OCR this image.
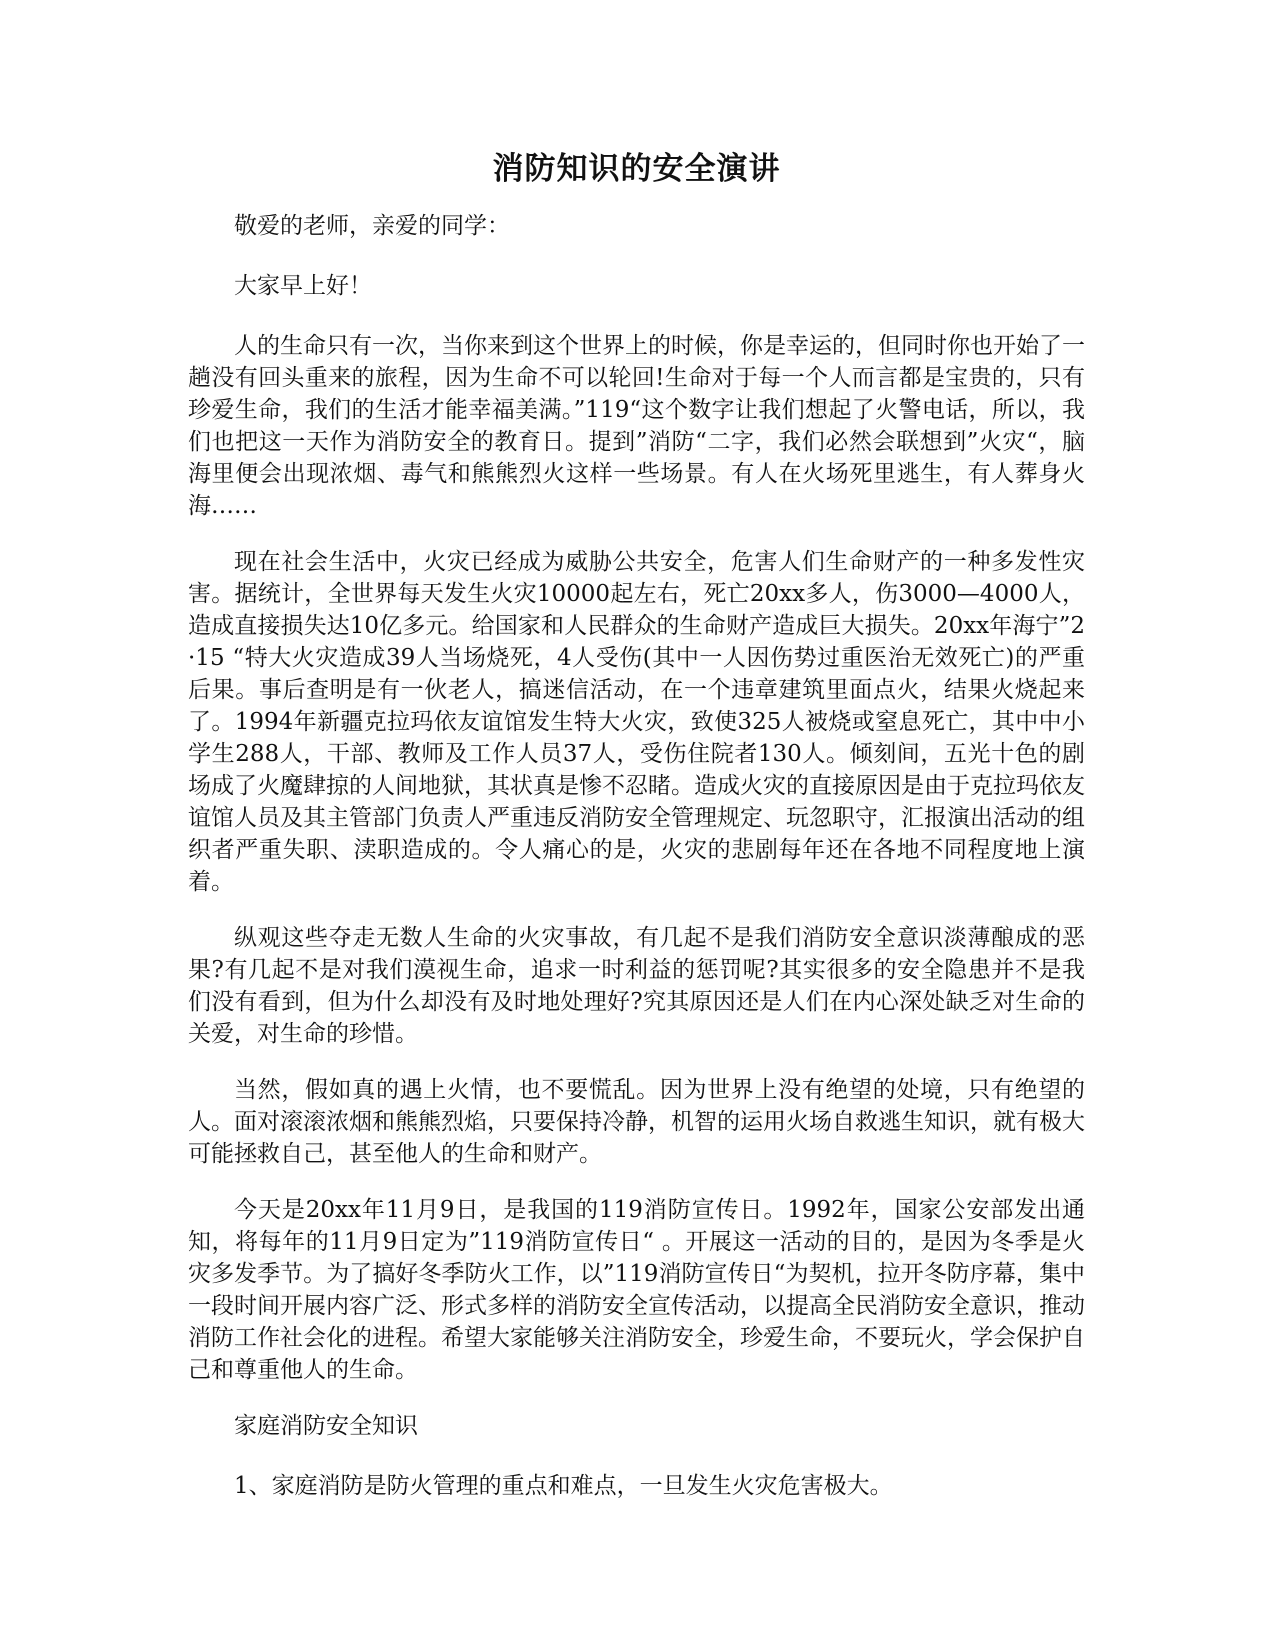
消防知识的安全演讲

敬爱的老师，亲爱的同学：

大家早上好！

人的生命只有一次，当你来到这个世界上的时候，你是幸运的，但同时你也开始了一趟没有回头重来的旅程，因为生命不可以轮回!生命对于每一个人而言都是宝贵的，只有珍爱生命，我们的生活才能幸福美满。”119“这个数字让我们想起了火警电话，所以，我们也把这一天作为消防安全的教育日。提到”消防“二字，我们必然会联想到”火灾“，脑海里便会出现浓烟、毒气和熊熊烈火这样一些场景。有人在火场死里逃生，有人葬身火海……

现在社会生活中，火灾已经成为威胁公共安全，危害人们生命财产的一种多发性灾害。据统计，全世界每天发生火灾10000起左右，死亡20xx多人，伤3000—4000人，造成直接损失达10亿多元。给国家和人民群众的生命财产造成巨大损失。20xx年海宁”2·15 “特大火灾造成39人当场烧死，4人受伤(其中一人因伤势过重医治无效死亡)的严重后果。事后查明是有一伙老人，搞迷信活动，在一个违章建筑里面点火，结果火烧起来了。1994年新疆克拉玛依友谊馆发生特大火灾，致使325人被烧或窒息死亡，其中中小学生288人，干部、教师及工作人员37人，受伤住院者130人。倾刻间，五光十色的剧场成了火魔肆掠的人间地狱，其状真是惨不忍睹。造成火灾的直接原因是由于克拉玛依友谊馆人员及其主管部门负责人严重违反消防安全管理规定、玩忽职守，汇报演出活动的组织者严重失职、渎职造成的。令人痛心的是，火灾的悲剧每年还在各地不同程度地上演着。

纵观这些夺走无数人生命的火灾事故，有几起不是我们消防安全意识淡薄酿成的恶果?有几起不是对我们漠视生命，追求一时利益的惩罚呢?其实很多的安全隐患并不是我们没有看到，但为什么却没有及时地处理好?究其原因还是人们在内心深处缺乏对生命的关爱，对生命的珍惜。

当然，假如真的遇上火情，也不要慌乱。因为世界上没有绝望的处境，只有绝望的人。面对滚滚浓烟和熊熊烈焰，只要保持冷静，机智的运用火场自救逃生知识，就有极大可能拯救自己，甚至他人的生命和财产。

今天是20xx年11月9日，是我国的119消防宣传日。1992年，国家公安部发出通知，将每年的11月9日定为”119消防宣传日“ 。开展这一活动的目的，是因为冬季是火灾多发季节。为了搞好冬季防火工作，以”119消防宣传日“为契机，拉开冬防序幕，集中一段时间开展内容广泛、形式多样的消防安全宣传活动，以提高全民消防安全意识，推动消防工作社会化的进程。希望大家能够关注消防安全，珍爱生命，不要玩火，学会保护自己和尊重他人的生命。

家庭消防安全知识

1、家庭消防是防火管理的重点和难点，一旦发生火灾危害极大。
